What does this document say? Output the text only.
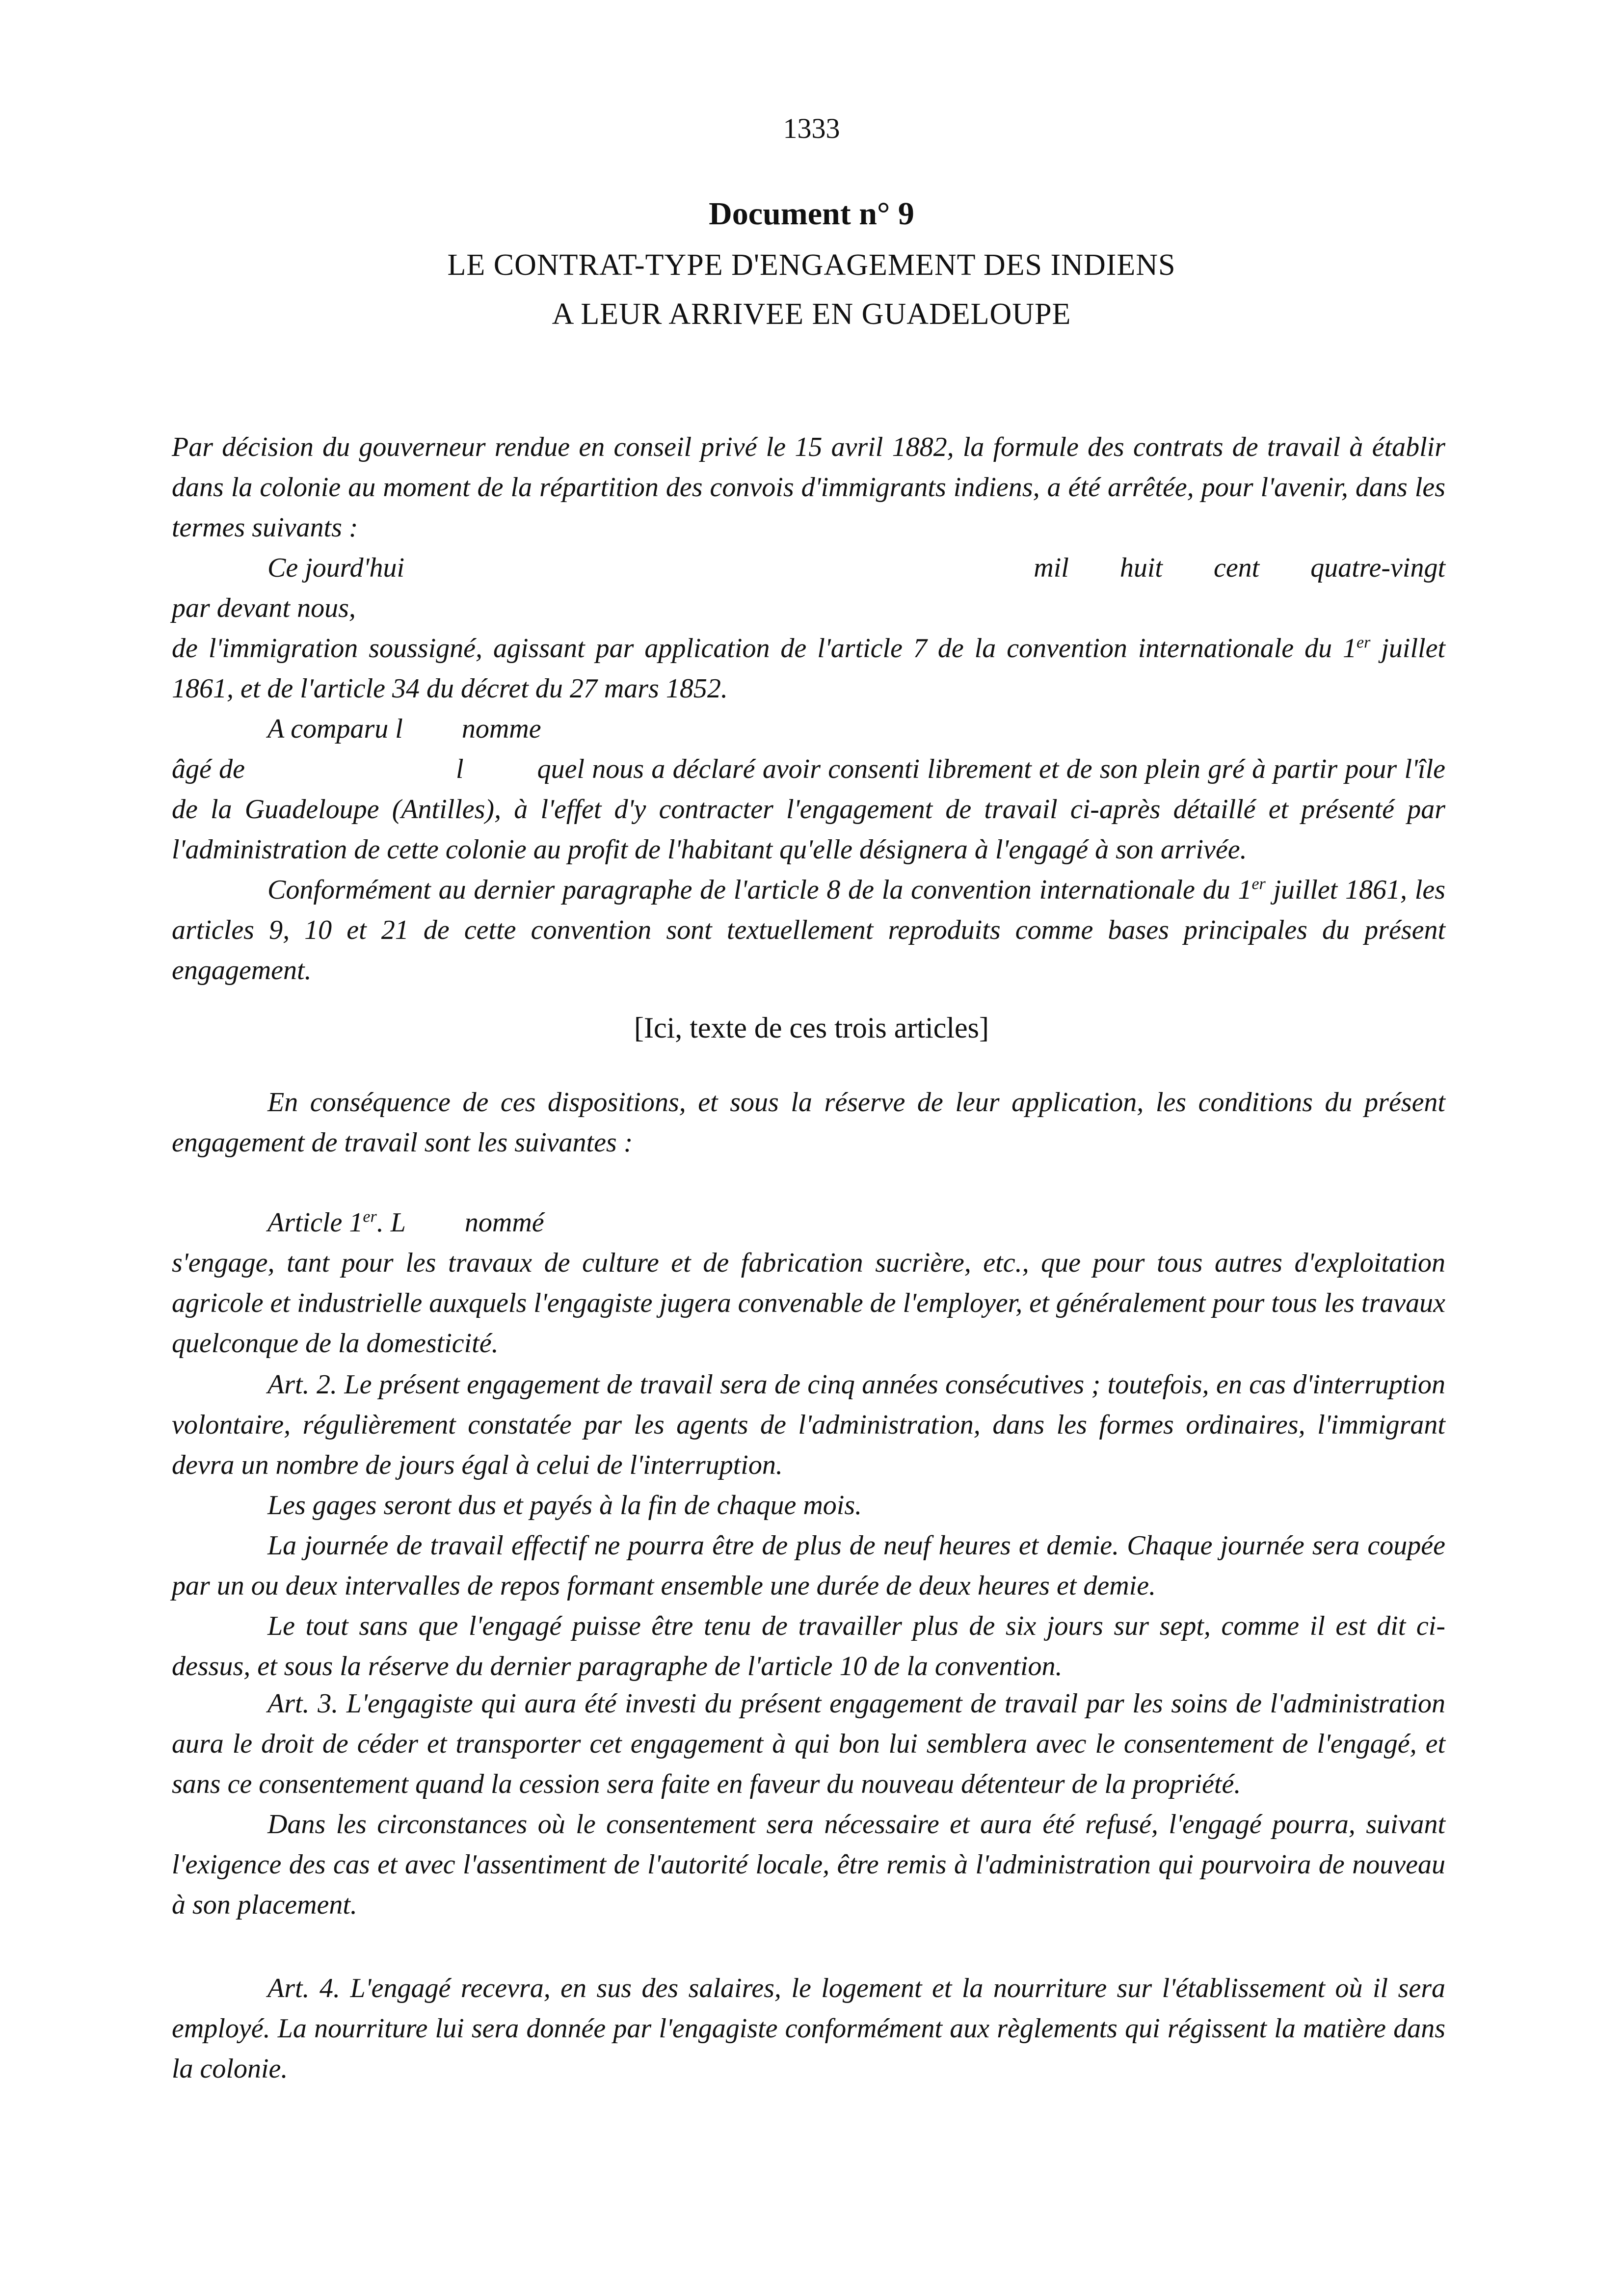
1333
Document n° 9
LE CONTRAT-TYPE D'ENGAGEMENT DES INDIENS
A LEUR ARRIVEE EN GUADELOUPE

Par décision du gouverneur rendue en conseil privé le 15 avril 1882, la formule des contrats de travail à établir dans la colonie au moment de la répartition des convois d'immigrants indiens, a été arrêtée, pour l'avenir, dans les termes suivants :

Ce jourd'hui	mil huit cent quatre-vingt

par devant nous,

de l'immigration soussigné, agissant par application de l'article 7 de la convention internationale du 1er juillet 1861, et de l'article 34 du décret du 27 mars 1852.

A comparu l nomme

âgé de	l	quel nous a déclaré avoir consenti librement et de son plein gré à partir pour l'île de la Guadeloupe (Antilles), à l'effet d'y contracter l'engagement de travail ci-après détaillé et présenté par l'administration de cette colonie au profit de l'habitant qu'elle désignera à l'engagé à son arrivée.

Conformément au dernier paragraphe de l'article 8 de la convention internationale du 1er juillet 1861, les articles 9, 10 et 21 de cette convention sont textuellement reproduits comme bases principales du présent engagement.

[Ici, texte de ces trois articles]

En conséquence de ces dispositions, et sous la réserve de leur application, les conditions du présent engagement de travail sont les suivantes :

Article 1er. L nommé

s'engage, tant pour les travaux de culture et de fabrication sucrière, etc., que pour tous autres d'exploitation agricole et industrielle auxquels l'engagiste jugera convenable de l'employer, et généralement pour tous les travaux quelconque de la domesticité.

Art. 2. Le présent engagement de travail sera de cinq années consécutives ; toutefois, en cas d'interruption volontaire, régulièrement constatée par les agents de l'administration, dans les formes ordinaires, l'immigrant devra un nombre de jours égal à celui de l'interruption.

Les gages seront dus et payés à la fin de chaque mois.

La journée de travail effectif ne pourra être de plus de neuf heures et demie. Chaque journée sera coupée par un ou deux intervalles de repos formant ensemble une durée de deux heures et demie.

Le tout sans que l'engagé puisse être tenu de travailler plus de six jours sur sept, comme il est dit ci-dessus, et sous la réserve du dernier paragraphe de l'article 10 de la convention.

Art. 3. L'engagiste qui aura été investi du présent engagement de travail par les soins de l'administration aura le droit de céder et transporter cet engagement à qui bon lui semblera avec le consentement de l'engagé, et sans ce consentement quand la cession sera faite en faveur du nouveau détenteur de la propriété.

Dans les circonstances où le consentement sera nécessaire et aura été refusé, l'engagé pourra, suivant l'exigence des cas et avec l'assentiment de l'autorité locale, être remis à l'administration qui pourvoira de nouveau à son placement.

Art. 4. L'engagé recevra, en sus des salaires, le logement et la nourriture sur l'établissement où il sera employé. La nourriture lui sera donnée par l'engagiste conformément aux règlements qui régissent la matière dans la colonie.
